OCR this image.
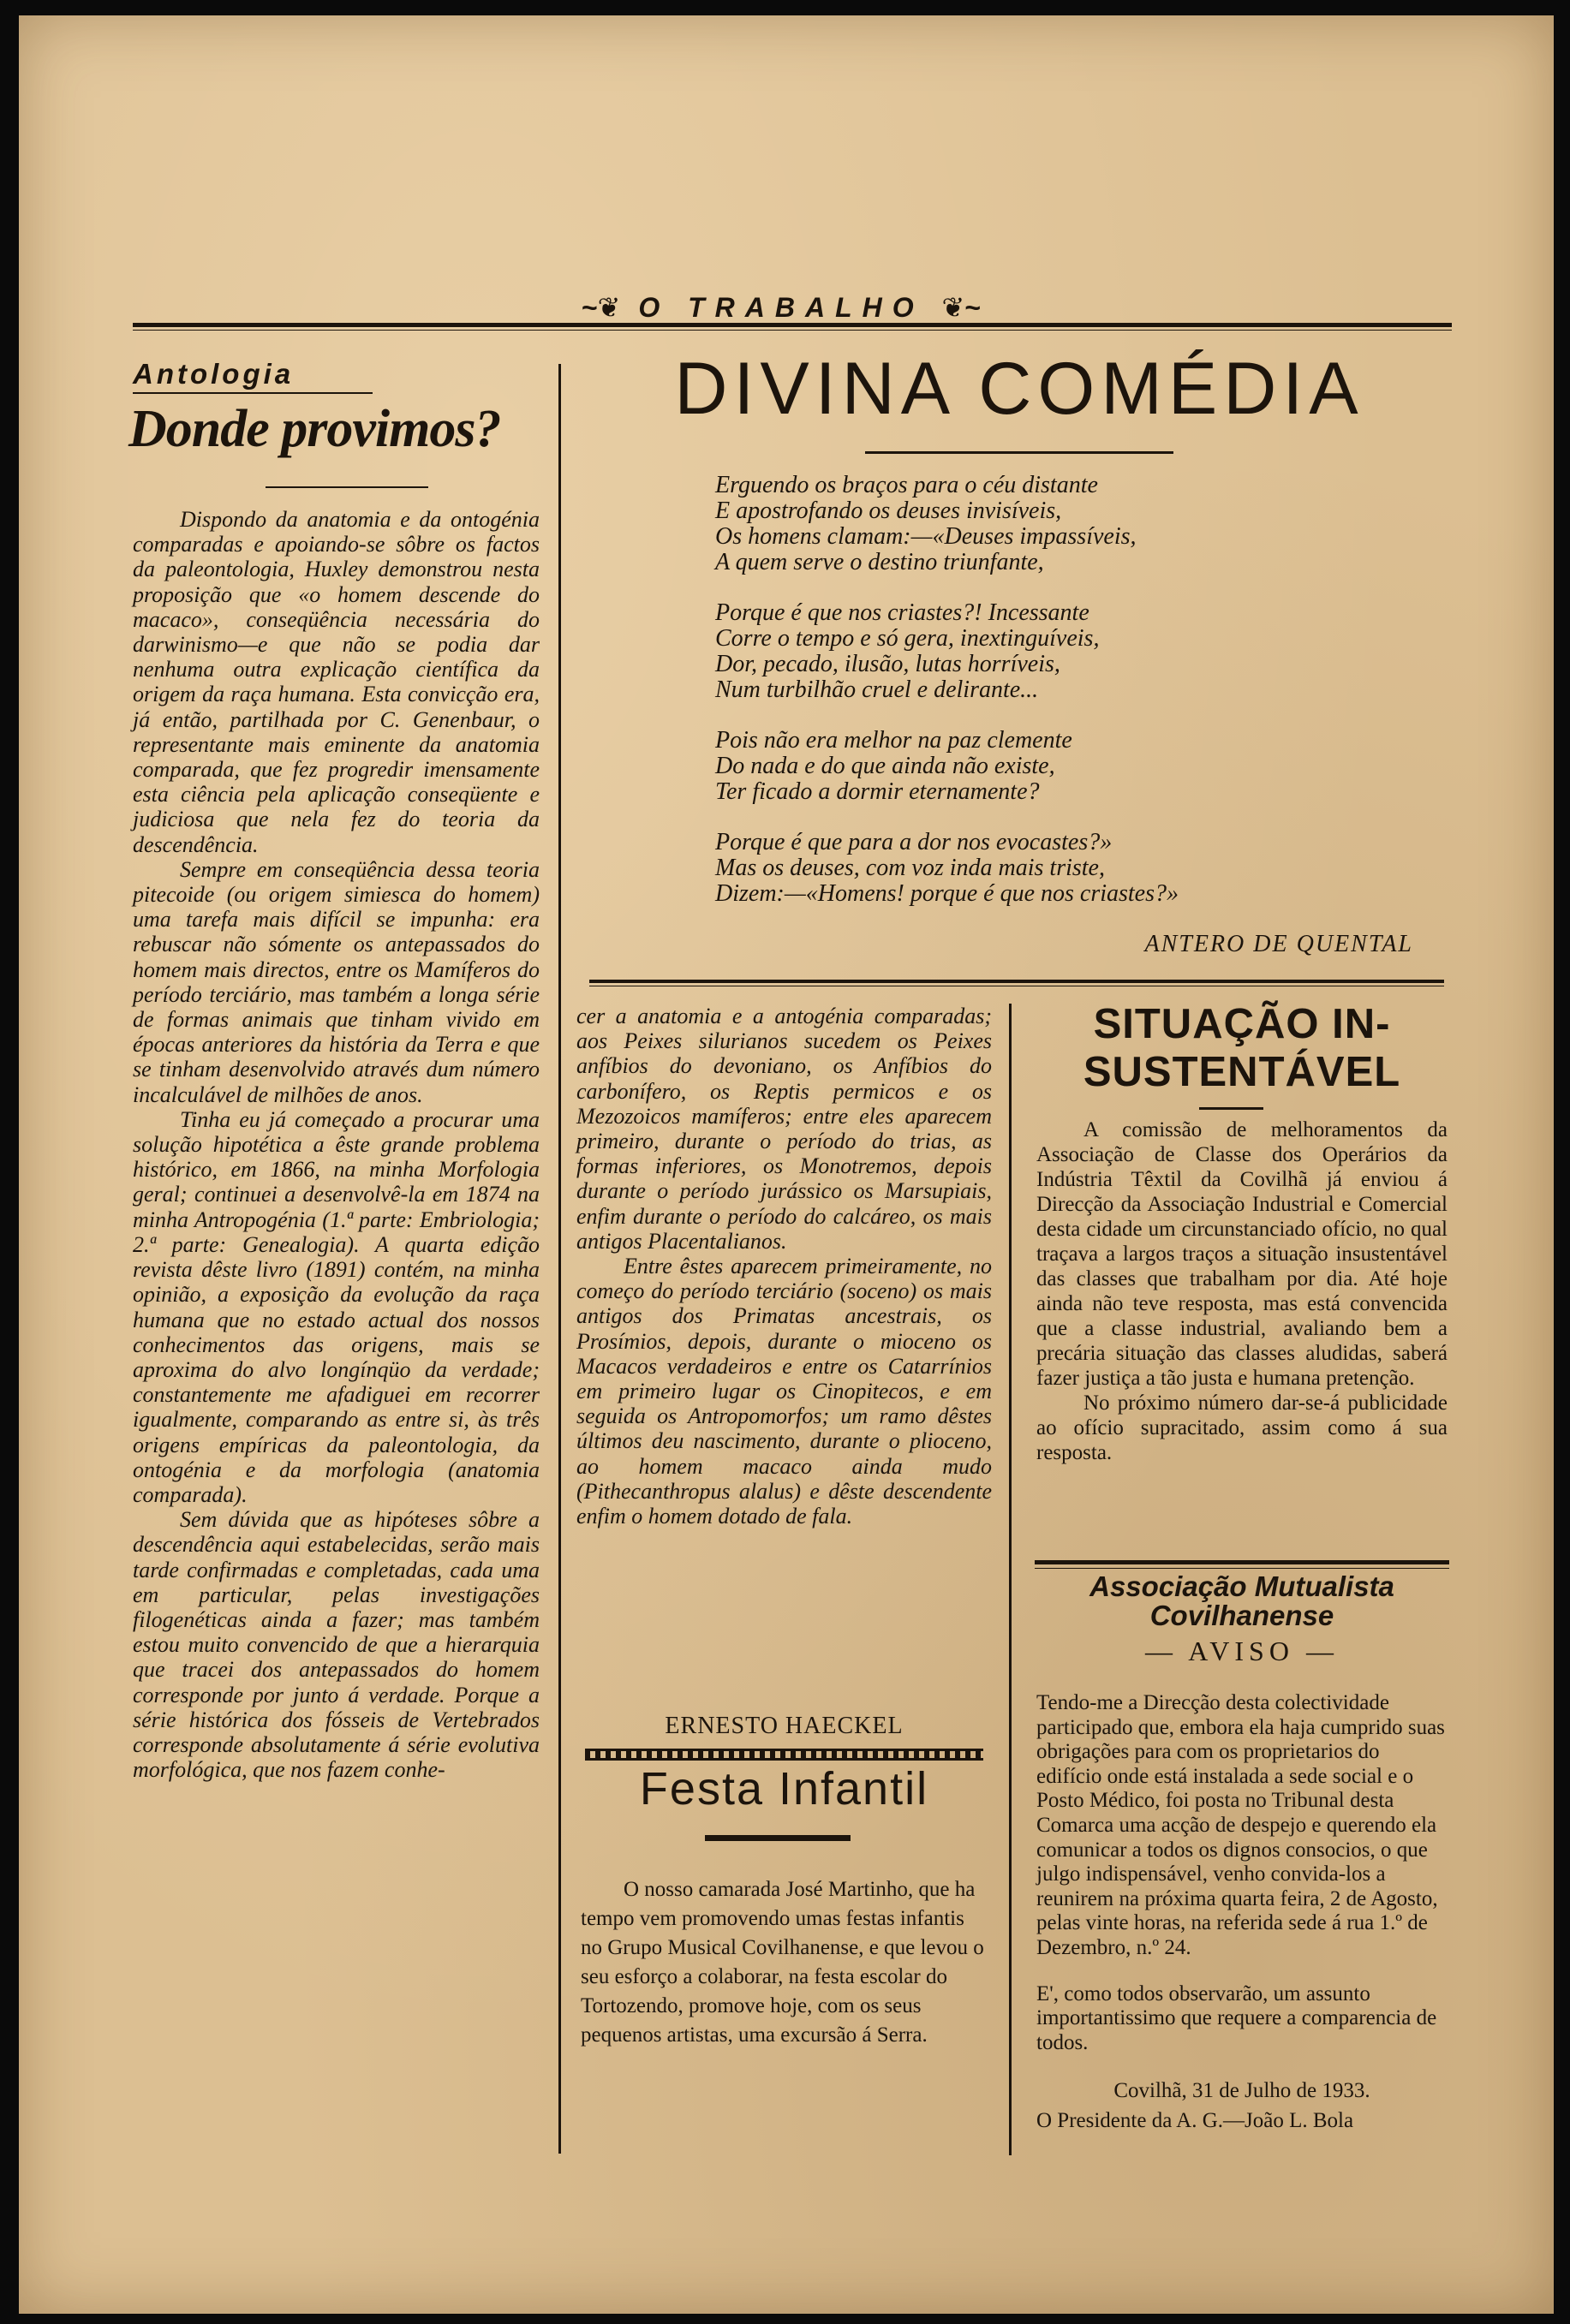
~❦ O TRABALHO ❦~
Antologia
Donde provimos?

Dispondo da anatomia e da ontogénia comparadas e apoiando-se sôbre os factos da paleontologia, Huxley demonstrou nesta proposição que «o homem descende do macaco», conseqüência necessária do darwinismo—e que não se podia dar nenhuma outra explicação científica da origem da raça humana. Esta convicção era, já então, partilhada por C. Genenbaur, o representante mais eminente da anatomia comparada, que fez progredir imensamente esta ciência pela aplicação conseqüente e judiciosa que nela fez do teoria da descendência.

Sempre em conseqüência dessa teoria pitecoide (ou origem simiesca do homem) uma tarefa mais difícil se impunha: era rebuscar não sómente os antepassados do homem mais directos, entre os Mamíferos do período terciário, mas também a longa série de formas animais que tinham vivido em épocas anteriores da história da Terra e que se tinham desenvolvido através dum número incalculável de milhões de anos.

Tinha eu já começado a procurar uma solução hipotética a êste grande problema histórico, em 1866, na minha Morfologia geral; continuei a desenvolvê-la em 1874 na minha Antropogénia (1.ª parte: Embriologia; 2.ª parte: Genealogia). A quarta edição revista dêste livro (1891) contém, na minha opinião, a exposição da evolução da raça humana que no estado actual dos nossos conhecimentos das origens, mais se aproxima do alvo longínqüo da verdade; constantemente me afadiguei em recorrer igualmente, comparando as entre si, às três origens empíricas da paleontologia, da ontogénia e da morfologia (anatomia comparada).

Sem dúvida que as hipóteses sôbre a descendência aqui estabelecidas, serão mais tarde confirmadas e completadas, cada uma em particular, pelas investigações filogenéticas ainda a fazer; mas também estou muito convencido de que a hierarquia que tracei dos antepassados do homem corresponde por junto á verdade. Porque a série histórica dos fósseis de Vertebrados corresponde absolutamente á série evolutiva morfológica, que nos fazem conhe-

DIVINA COMÉDIA
Erguendo os braços para o céu distante
E apostrofando os deuses invisíveis,
Os homens clamam:—«Deuses impassíveis,
A quem serve o destino triunfante,
Porque é que nos criastes?! Incessante
Corre o tempo e só gera, inextinguíveis,
Dor, pecado, ilusão, lutas horríveis,
Num turbilhão cruel e delirante...
Pois não era melhor na paz clemente
Do nada e do que ainda não existe,
Ter ficado a dormir eternamente?
Porque é que para a dor nos evocastes?»
Mas os deuses, com voz inda mais triste,
Dizem:—«Homens! porque é que nos criastes?»
ANTERO DE QUENTAL

cer a anatomia e a antogénia comparadas; aos Peixes silurianos sucedem os Peixes anfíbios do devoniano, os Anfíbios do carbonífero, os Reptis permicos e os Mezozoicos mamíferos; entre eles aparecem primeiro, durante o período do trias, as formas inferiores, os Monotremos, depois durante o período jurássico os Marsupiais, enfim durante o período do calcáreo, os mais antigos Placentalianos.

Entre êstes aparecem primeiramente, no começo do período terciário (soceno) os mais antigos dos Primatas ancestrais, os Prosímios, depois, durante o mioceno os Macacos verdadeiros e entre os Catarrínios em primeiro lugar os Cinopitecos, e em seguida os Antropomorfos; um ramo dêstes últimos deu nascimento, durante o plioceno, ao homem macaco ainda mudo (Pithecanthropus alalus) e dêste descendente enfim o homem dotado de fala.

ERNESTO HAECKEL
Festa Infantil

O nosso camarada José Martinho, que ha tempo vem promovendo umas festas infantis no Grupo Musical Covilhanense, e que levou o seu esforço a colaborar, na festa escolar do Tortozendo, promove hoje, com os seus pequenos artistas, uma excursão á Serra.

SITUAÇÃO IN-
SUSTENTÁVEL

A comissão de melhoramentos da Associação de Classe dos Operários da Indústria Têxtil da Covilhã já enviou á Direcção da Associação Industrial e Comercial desta cidade um circunstanciado ofício, no qual traçava a largos traços a situação insustentável das classes que trabalham por dia. Até hoje ainda não teve resposta, mas está convencida que a classe industrial, avaliando bem a precária situação das classes aludidas, saberá fazer justiça a tão justa e humana pretenção.

No próximo número dar-se-á publicidade ao ofício supracitado, assim como á sua resposta.

Associação Mutualista
Covilhanense
— AVISO —

Tendo-me a Direcção desta colectividade participado que, embora ela haja cumprido suas obrigações para com os proprietarios do edifício onde está instalada a sede social e o Posto Médico, foi posta no Tribunal desta Comarca uma acção de despejo e querendo ela comunicar a todos os dignos consocios, o que julgo indispensável, venho convida-los a reunirem na próxima quarta feira, 2 de Agosto, pelas vinte horas, na referida sede á rua 1.º de Dezembro, n.º 24.

E', como todos observarão, um assunto importantissimo que requere a comparencia de todos.

Covilhã, 31 de Julho de 1933.
O Presidente da A. G.—João L. Bola
